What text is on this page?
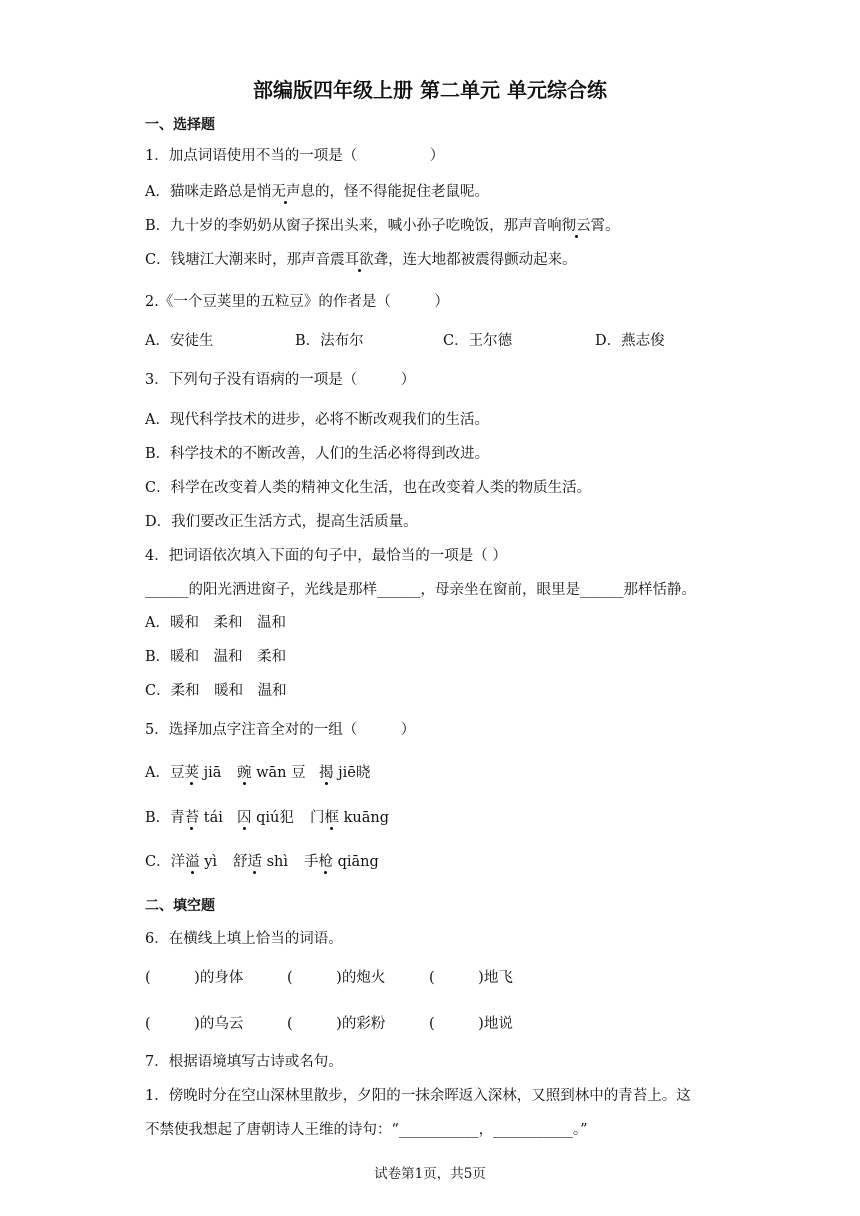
部编版四年级上册 第二单元 单元综合练
一、选择题
1．加点词语使用不当的一项是（　　　　　）
A．猫咪走路总是悄无声息的，怪不得能捉住老鼠呢。
B．九十岁的李奶奶从窗子探出头来，喊小孙子吃晚饭，那声音响彻云霄。
C．钱塘江大潮来时，那声音震耳欲聋，连大地都被震得颤动起来。
2.《一个豆荚里的五粒豆》的作者是（　　　）
A．安徒生	B．法布尔	C．王尔德	D．燕志俊
3．下列句子没有语病的一项是（　　　）
A．现代科学技术的进步，必将不断改观我们的生活。
B．科学技术的不断改善，人们的生活必将得到改进。
C．科学在改变着人类的精神文化生活，也在改变着人类的物质生活。
D．我们要改正生活方式，提高生活质量。
4．把词语依次填入下面的句子中，最恰当的一项是（ ）
______的阳光洒进窗子，光线是那样______，母亲坐在窗前，眼里是______那样恬静。
A．暖和　柔和　温和
B．暖和　温和　柔和
C．柔和　暖和　温和
5．选择加点字注音全对的一组（　　　）
A．豆荚 jiā 豌 wān 豆 揭 jiē晓
B．青苔 tái 囚 qiú犯 门框 kuāng
C．洋溢 yì 舒适 shì 手枪 qiāng
二、填空题
6．在横线上填上恰当的词语。
(　　　)的身体	(　　　)的炮火	(　　　)地飞
(　　　)的乌云	(　　　)的彩粉	(　　　)地说
7．根据语境填写古诗或名句。
1．傍晚时分在空山深林里散步，夕阳的一抹余晖返入深林，又照到林中的青苔上。这
不禁使我想起了唐朝诗人王维的诗句：“___________，___________。”
试卷第1页，共5页
